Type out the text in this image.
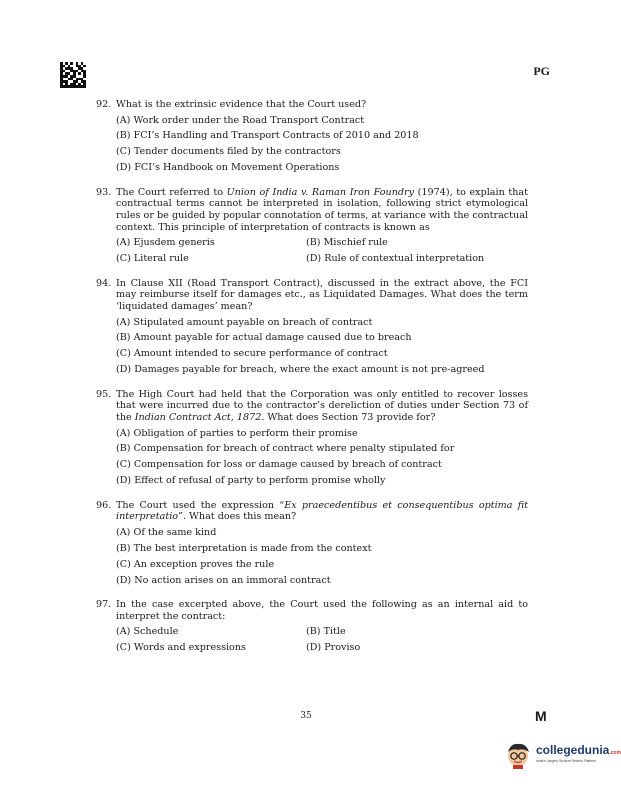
PG
92. What is the extrinsic evidence that the Court used?
(A) Work order under the Road Transport Contract
(B) FCI’s Handling and Transport Contracts of 2010 and 2018
(C) Tender documents filed by the contractors
(D) FCI’s Handbook on Movement Operations
93. The Court referred to Union of India v. Raman Iron Foundry (1974), to explain that contractual terms cannot be interpreted in isolation, following strict etymological rules or be guided by popular connotation of terms, at variance with the contractual context. This principle of interpretation of contracts is known as
(A) Ejusdem generis	(B) Mischief rule
(C) Literal rule	(D) Rule of contextual interpretation
94. In Clause XII (Road Transport Contract), discussed in the extract above, the FCI may reimburse itself for damages etc., as Liquidated Damages. What does the term ‘liquidated damages’ mean?
(A) Stipulated amount payable on breach of contract
(B) Amount payable for actual damage caused due to breach
(C) Amount intended to secure performance of contract
(D) Damages payable for breach, where the exact amount is not pre-agreed
95. The High Court had held that the Corporation was only entitled to recover losses that were incurred due to the contractor’s dereliction of duties under Section 73 of the Indian Contract Act, 1872. What does Section 73 provide for?
(A) Obligation of parties to perform their promise
(B) Compensation for breach of contract where penalty stipulated for
(C) Compensation for loss or damage caused by breach of contract
(D) Effect of refusal of party to perform promise wholly
96. The Court used the expression “Ex praecedentibus et consequentibus optima fit interpretatio”. What does this mean?
(A) Of the same kind
(B) The best interpretation is made from the context
(C) An exception proves the rule
(D) No action arises on an immoral contract
97. In the case excerpted above, the Court used the following as an internal aid to interpret the contract:
(A) Schedule	(B) Title
(C) Words and expressions	(D) Proviso
35	M
collegedunia.com
India's Largest Student Review Platform
